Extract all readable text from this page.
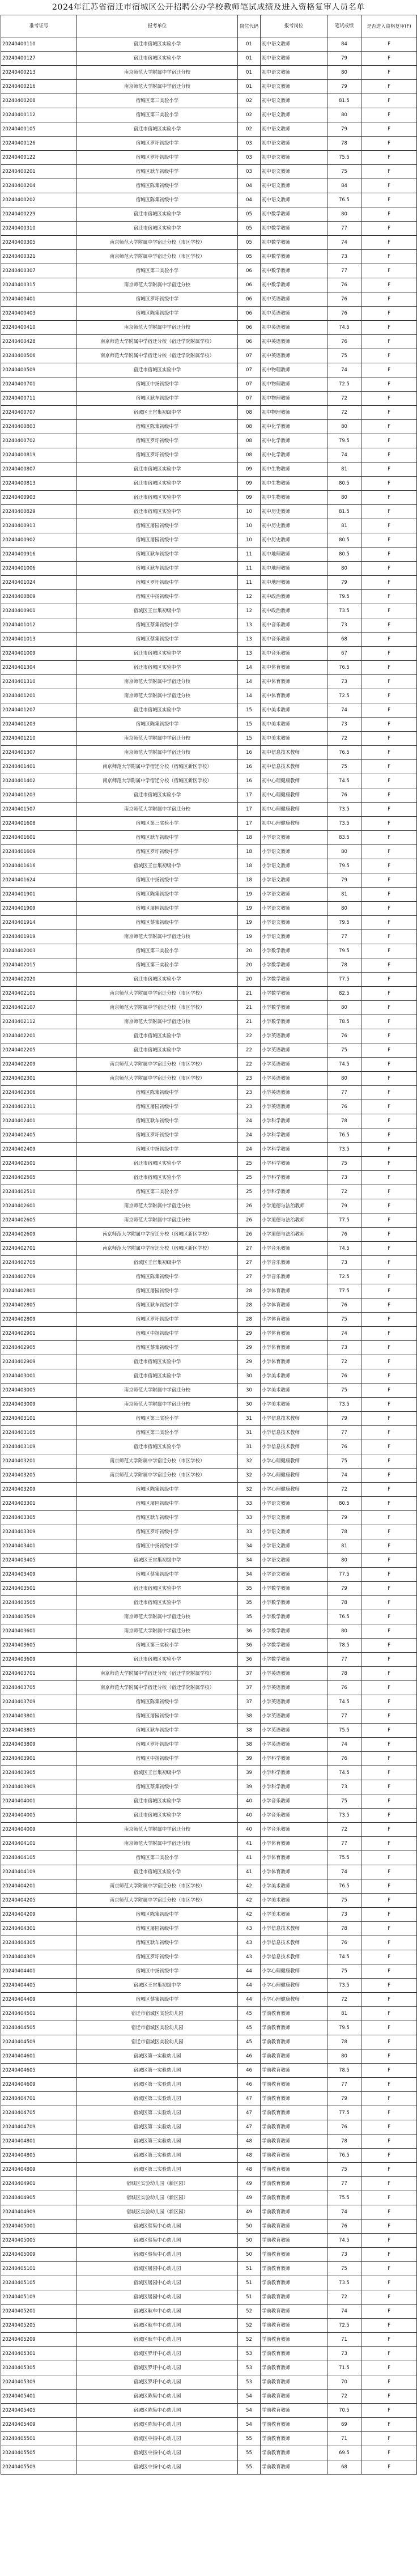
2024年江苏省宿迁市宿城区公开招聘公办学校教师笔试成绩及进入资格复审人员名单
准考证号	报考单位	岗位代码	报考岗位	笔试成绩	是否进入资格复审(F)
20240400110	宿迁市宿城区实验小学	01	初中语文教师	84	F
20240400127	宿迁市宿城区实验小学	01	初中语文教师	79	F
20240400213	南京师范大学附属中学宿迁分校	01	初中语文教师	80	F
20240400216	南京师范大学附属中学宿迁分校	01	初中语文教师	79	F
20240400208	宿城区第三实验小学	02	初中语文教师	81.5	F
20240400112	宿城区第三实验小学	02	初中语文教师	80	F
20240400105	宿迁市宿城区实验小学	02	初中语文教师	79	F
20240400126	宿城区罗圩初级中学	03	初中语文教师	78	F
20240400122	宿城区罗圩初级中学	03	初中语文教师	75.5	F
20240400201	宿城区耿车初级中学	03	初中语文教师	75	F
20240400204	宿城区陈集初级中学	04	初中语文教师	84	F
20240400202	宿城区陈集初级中学	04	初中语文教师	76.5	F
20240400229	宿迁市宿城区实验中学	05	初中数学教师	80	F
20240400310	宿迁市宿城区实验中学	05	初中数学教师	77	F
20240400305	南京师范大学附属中学宿迁分校（市区学校）	05	初中数学教师	74	F
20240400321	南京师范大学附属中学宿迁分校（市区学校）	05	初中数学教师	73	F
20240400307	宿城区第三实验小学	06	初中数学教师	77	F
20240400315	南京师范大学附属中学宿迁分校	06	初中数学教师	76	F
20240400401	宿城区罗圩初级中学	06	初中英语教师	76	F
20240400403	宿城区陈集初级中学	06	初中英语教师	76	F
20240400410	南京师范大学附属中学宿迁分校	06	初中英语教师	74.5	F
20240400428	南京师范大学附属中学宿迁分校（宿迁学院附属学校）	06	初中英语教师	76	F
20240400506	南京师范大学附属中学宿迁分校（宿迁学院附属学校）	07	初中英语教师	75	F
20240400509	宿迁市宿城区实验中学	07	初中物理教师	74	F
20240400701	宿城区中扬初级中学	07	初中物理教师	72.5	F
20240400711	宿城区耿车初级中学	07	初中物理教师	72	F
20240400707	宿城区王官集初级中学	08	初中物理教师	72	F
20240400803	宿城区陈集初级中学	08	初中化学教师	80	F
20240400702	宿城区罗圩初级中学	08	初中化学教师	79.5	F
20240400819	宿城区罗圩初级中学	08	初中化学教师	74	F
20240400807	宿迁市宿城区实验中学	09	初中生物教师	81	F
20240400813	宿迁市宿城区实验中学	09	初中生物教师	80.5	F
20240400903	宿迁市宿城区实验中学	09	初中生物教师	80	F
20240400829	宿迁市宿城区实验中学	10	初中历史教师	81.5	F
20240400913	宿城区屠园初级中学	10	初中历史教师	81	F
20240400902	宿城区屠园初级中学	10	初中历史教师	80.5	F
20240400916	宿城区耿车初级中学	11	初中地理教师	80.5	F
20240401006	宿城区耿车初级中学	11	初中地理教师	80	F
20240401024	宿城区罗圩初级中学	11	初中地理教师	79	F
20240400809	宿城区中扬初级中学	12	初中政治教师	79.5	F
20240400901	宿城区王官集初级中学	12	初中政治教师	73.5	F
20240401012	宿城区蔡集初级中学	13	初中音乐教师	73	F
20240401013	宿城区蔡集初级中学	13	初中音乐教师	68	F
20240401009	宿迁市宿城区实验中学	13	初中音乐教师	67	F
20240401304	宿迁市宿城区实验中学	14	初中体育教师	76.5	F
20240401310	南京师范大学附属中学宿迁分校	14	初中体育教师	73	F
20240401201	南京师范大学附属中学宿迁分校	14	初中体育教师	72.5	F
20240401207	宿迁市宿城区实验中学	15	初中美术教师	74	F
20240401203	宿城区陈集初级中学	15	初中美术教师	73	F
20240401210	南京师范大学附属中学宿迁分校	15	初中美术教师	72	F
20240401307	南京师范大学附属中学宿迁分校	16	初中信息技术教师	76.5	F
20240401401	南京师范大学附属中学宿迁分校（宿城区新区学校）	16	初中信息技术教师	75	F
20240401402	南京师范大学附属中学宿迁分校（宿城区新区学校）	16	初中心理健康教师	74.5	F
20240401203	宿迁市宿城区实验小学	17	初中心理健康教师	76	F
20240401507	南京师范大学附属中学宿迁分校	17	初中心理健康教师	73.5	F
20240401608	宿城区第三实验小学	17	初中心理健康教师	73.5	F
20240401601	宿城区耿车初级中学	18	小学语文教师	83.5	F
20240401609	宿城区罗圩初级中学	18	小学语文教师	80	F
20240401616	宿城区王官集初级中学	18	小学语文教师	79.5	F
20240401624	宿城区中扬初级中学	18	小学语文教师	79	F
20240401901	宿城区陈集初级中学	19	小学语文教师	81	F
20240401909	宿城区屠园初级中学	19	小学语文教师	80	F
20240401914	宿城区蔡集初级中学	19	小学语文教师	79.5	F
20240401919	南京师范大学附属中学宿迁分校	19	小学语文教师	77	F
20240402003	宿城区第三实验小学	20	小学数学教师	79.5	F
20240402015	宿城区第三实验小学	20	小学数学教师	78	F
20240402020	宿迁市宿城区实验小学	20	小学数学教师	77.5	F
20240402101	南京师范大学附属中学宿迁分校（市区学校）	21	小学数学教师	82.5	F
20240402107	南京师范大学附属中学宿迁分校（市区学校）	21	小学数学教师	80	F
20240402112	南京师范大学附属中学宿迁分校	21	小学数学教师	78.5	F
20240402201	宿迁市宿城区实验中学	22	小学英语教师	76	F
20240402205	宿迁市宿城区实验中学	22	小学英语教师	75	F
20240402209	南京师范大学附属中学宿迁分校（市区学校）	22	小学英语教师	74.5	F
20240402301	南京师范大学附属中学宿迁分校（市区学校）	23	小学英语教师	80	F
20240402306	宿城区陈集初级中学	23	小学英语教师	77	F
20240402311	宿城区屠园初级中学	23	小学英语教师	76	F
20240402401	宿城区耿车初级中学	24	小学科学教师	78	F
20240402405	宿城区罗圩初级中学	24	小学科学教师	76.5	F
20240402409	宿城区中扬初级中学	24	小学科学教师	73.5	F
20240402501	宿迁市宿城区实验小学	25	小学科学教师	75	F
20240402505	宿迁市宿城区实验小学	25	小学科学教师	73	F
20240402510	宿城区第三实验小学	25	小学科学教师	72	F
20240402601	南京师范大学附属中学宿迁分校	26	小学道德与法治教师	79	F
20240402605	南京师范大学附属中学宿迁分校	26	小学道德与法治教师	77.5	F
20240402609	南京师范大学附属中学宿迁分校（宿城区新区学校）	26	小学道德与法治教师	76	F
20240402701	南京师范大学附属中学宿迁分校（宿城区新区学校）	27	小学音乐教师	74.5	F
20240402705	宿城区王官集初级中学	27	小学音乐教师	73	F
20240402709	宿城区陈集初级中学	27	小学音乐教师	72.5	F
20240402801	宿城区屠园初级中学	28	小学体育教师	77.5	F
20240402805	宿城区耿车初级中学	28	小学体育教师	76	F
20240402809	宿城区罗圩初级中学	28	小学体育教师	75	F
20240402901	宿城区中扬初级中学	29	小学体育教师	74	F
20240402905	宿城区蔡集初级中学	29	小学体育教师	73	F
20240402909	宿迁市宿城区实验中学	29	小学体育教师	72	F
20240403001	宿迁市宿城区实验中学	30	小学美术教师	76	F
20240403005	南京师范大学附属中学宿迁分校	30	小学美术教师	75	F
20240403009	南京师范大学附属中学宿迁分校	30	小学美术教师	73.5	F
20240403101	宿城区第三实验小学	31	小学信息技术教师	79	F
20240403105	宿城区第三实验小学	31	小学信息技术教师	77	F
20240403109	宿迁市宿城区实验小学	31	小学信息技术教师	76	F
20240403201	南京师范大学附属中学宿迁分校（市区学校）	32	小学心理健康教师	75	F
20240403205	南京师范大学附属中学宿迁分校（市区学校）	32	小学心理健康教师	74	F
20240403209	宿城区陈集初级中学	32	小学心理健康教师	72	F
20240403301	宿城区屠园初级中学	33	小学语文教师	80.5	F
20240403305	宿城区耿车初级中学	33	小学语文教师	79	F
20240403309	宿城区罗圩初级中学	33	小学语文教师	78	F
20240403401	宿城区中扬初级中学	34	小学语文教师	81	F
20240403405	宿城区王官集初级中学	34	小学语文教师	80	F
20240403409	宿城区蔡集初级中学	34	小学语文教师	77.5	F
20240403501	宿迁市宿城区实验中学	35	小学数学教师	79	F
20240403505	宿迁市宿城区实验中学	35	小学数学教师	78	F
20240403509	南京师范大学附属中学宿迁分校	35	小学数学教师	76.5	F
20240403601	南京师范大学附属中学宿迁分校	36	小学数学教师	80	F
20240403605	宿城区第三实验小学	36	小学数学教师	78.5	F
20240403609	宿迁市宿城区实验小学	36	小学数学教师	77	F
20240403701	南京师范大学附属中学宿迁分校（宿迁学院附属学校）	37	小学英语教师	78	F
20240403705	南京师范大学附属中学宿迁分校（宿迁学院附属学校）	37	小学英语教师	76	F
20240403709	宿城区陈集初级中学	37	小学英语教师	74.5	F
20240403801	宿城区屠园初级中学	38	小学英语教师	77	F
20240403805	宿城区耿车初级中学	38	小学英语教师	75.5	F
20240403809	宿城区罗圩初级中学	38	小学英语教师	74	F
20240403901	宿城区中扬初级中学	39	小学科学教师	76	F
20240403905	宿城区王官集初级中学	39	小学科学教师	74.5	F
20240403909	宿城区蔡集初级中学	39	小学科学教师	73	F
20240404001	宿迁市宿城区实验中学	40	小学音乐教师	75	F
20240404005	宿迁市宿城区实验中学	40	小学音乐教师	73.5	F
20240404009	南京师范大学附属中学宿迁分校	40	小学音乐教师	72	F
20240404101	南京师范大学附属中学宿迁分校	41	小学体育教师	77	F
20240404105	宿城区第三实验小学	41	小学体育教师	75.5	F
20240404109	宿迁市宿城区实验小学	41	小学体育教师	74	F
20240404201	南京师范大学附属中学宿迁分校（市区学校）	42	小学美术教师	76.5	F
20240404205	南京师范大学附属中学宿迁分校（市区学校）	42	小学美术教师	75	F
20240404209	宿城区陈集初级中学	42	小学美术教师	73	F
20240404301	宿城区屠园初级中学	43	小学信息技术教师	78	F
20240404305	宿城区耿车初级中学	43	小学信息技术教师	76	F
20240404309	宿城区罗圩初级中学	43	小学信息技术教师	74.5	F
20240404401	宿城区中扬初级中学	44	小学心理健康教师	75	F
20240404405	宿城区王官集初级中学	44	小学心理健康教师	73.5	F
20240404409	宿城区蔡集初级中学	44	小学心理健康教师	72	F
20240404501	宿迁市宿城区实验幼儿园	45	学前教育教师	81	F
20240404505	宿迁市宿城区实验幼儿园	45	学前教育教师	79.5	F
20240404509	宿迁市宿城区实验幼儿园	45	学前教育教师	78	F
20240404601	宿城区第一实验幼儿园	46	学前教育教师	80	F
20240404605	宿城区第一实验幼儿园	46	学前教育教师	78.5	F
20240404609	宿城区第一实验幼儿园	46	学前教育教师	77	F
20240404701	宿城区第二实验幼儿园	47	学前教育教师	79	F
20240404705	宿城区第二实验幼儿园	47	学前教育教师	77.5	F
20240404709	宿城区第二实验幼儿园	47	学前教育教师	76	F
20240404801	宿城区第三实验幼儿园	48	学前教育教师	78	F
20240404805	宿城区第三实验幼儿园	48	学前教育教师	76.5	F
20240404809	宿城区第三实验幼儿园	48	学前教育教师	75	F
20240404901	宿城区实验幼儿园（新区园）	49	学前教育教师	77	F
20240404905	宿城区实验幼儿园（新区园）	49	学前教育教师	75.5	F
20240404909	宿城区实验幼儿园（新区园）	49	学前教育教师	74	F
20240405001	宿城区蔡集中心幼儿园	50	学前教育教师	76	F
20240405005	宿城区蔡集中心幼儿园	50	学前教育教师	74.5	F
20240405009	宿城区蔡集中心幼儿园	50	学前教育教师	73	F
20240405101	宿城区屠园中心幼儿园	51	学前教育教师	75	F
20240405105	宿城区屠园中心幼儿园	51	学前教育教师	73.5	F
20240405109	宿城区屠园中心幼儿园	51	学前教育教师	72	F
20240405201	宿城区耿车中心幼儿园	52	学前教育教师	74	F
20240405205	宿城区耿车中心幼儿园	52	学前教育教师	72.5	F
20240405209	宿城区耿车中心幼儿园	52	学前教育教师	71	F
20240405301	宿城区罗圩中心幼儿园	53	学前教育教师	73	F
20240405305	宿城区罗圩中心幼儿园	53	学前教育教师	71.5	F
20240405309	宿城区罗圩中心幼儿园	53	学前教育教师	70	F
20240405401	宿城区陈集中心幼儿园	54	学前教育教师	72	F
20240405405	宿城区陈集中心幼儿园	54	学前教育教师	70.5	F
20240405409	宿城区陈集中心幼儿园	54	学前教育教师	69	F
20240405501	宿城区中扬中心幼儿园	55	学前教育教师	71	F
20240405505	宿城区中扬中心幼儿园	55	学前教育教师	69.5	F
20240405509	宿城区中扬中心幼儿园	55	学前教育教师	68	F
